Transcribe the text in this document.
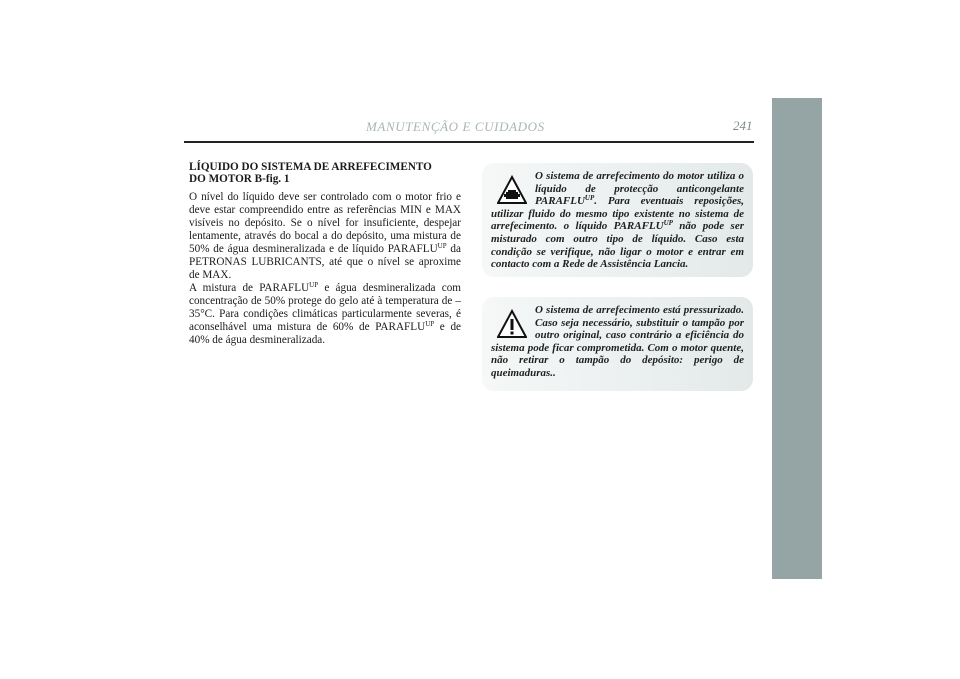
MANUTENÇÃO E CUIDADOS	241
LÍQUIDO DO SISTEMA DE ARREFECIMENTO
DO MOTOR B-fig. 1

O nível do líquido deve ser controlado com o motor frio e deve estar compreendido entre as referências MIN e MAX visíveis no depósito. Se o nível for insuficiente, despejar lentamente, através do bocal a do depósito, uma mistura de 50% de água desmineralizada e de líquido $PARAFLU^{UP}$ da PETRONAS LUBRICANTS, até que o nível se aproxime de MAX.

A mistura de $PARAFLU^{UP}$ e água desmineralizada com concentração de 50% protege do gelo até à temperatura de –35°C. Para condições climáticas particularmente severas, é aconselhável uma mistura de 60% de $PARAFLU^{UP}$ e de 40% de água desmineralizada.

O sistema de arrefecimento do motor utiliza o líquido de protecção anticongelante $PARAFLU^{UP}$. Para eventuais reposições, utilizar fluido do mesmo tipo existente no sistema de arrefecimento. o líquido $PARAFLU^{UP}$ não pode ser misturado com outro tipo de líquido. Caso esta condição se verifique, não ligar o motor e entrar em contacto com a Rede de Assistência Lancia.

O sistema de arrefecimento está pressurizado. Caso seja necessário, substituir o tampão por outro original, caso contrário a eficiência do sistema pode ficar comprometida. Com o motor quente, não retirar o tampão do depósito: perigo de queimaduras..
